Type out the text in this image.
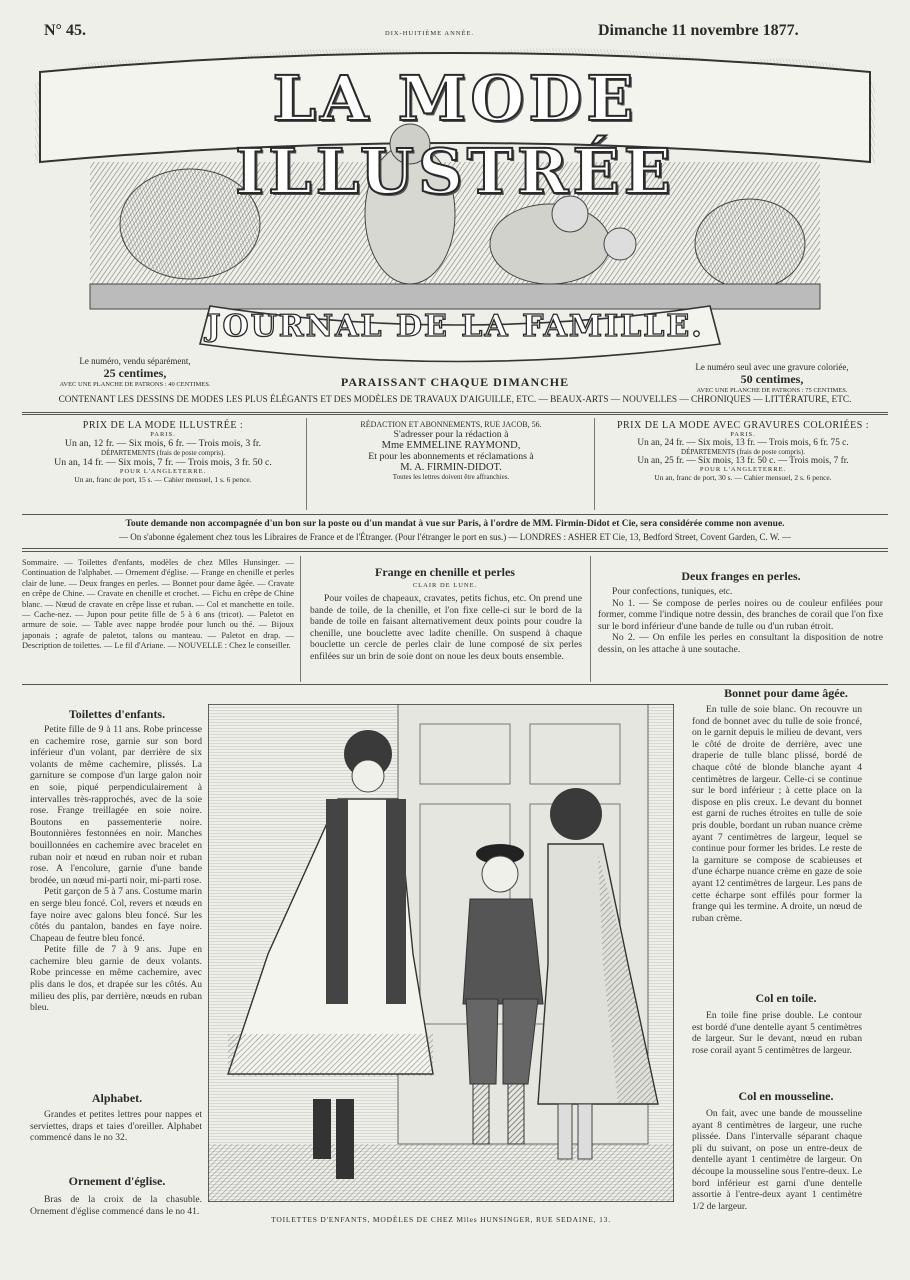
N° 45.	DIX-HUITIÈME ANNÉE.	Dimanche 11 novembre 1877.
LA MODE ILLUSTRÉE
JOURNAL DE LA FAMILLE.
Le numéro, vendu séparément,
25 centimes,
AVEC UNE PLANCHE DE PATRONS : 40 CENTIMES.
Le numéro seul avec une gravure coloriée,
50 centimes,
AVEC UNE PLANCHE DE PATRONS : 75 CENTIMES.
PARAISSANT CHAQUE DIMANCHE
CONTENANT LES DESSINS DE MODES LES PLUS ÉLÉGANTS ET DES MODÈLES DE TRAVAUX D'AIGUILLE, ETC. — BEAUX-ARTS — NOUVELLES — CHRONIQUES — LITTÉRATURE, ETC.
PRIX DE LA MODE ILLUSTRÉE :
PARIS.
Un an, 12 fr. — Six mois, 6 fr. — Trois mois, 3 fr.
DÉPARTEMENTS (frais de poste compris).
Un an, 14 fr. — Six mois, 7 fr. — Trois mois, 3 fr. 50 c.
POUR L'ANGLETERRE.
Un an, franc de port, 15 s. — Cahier mensuel, 1 s. 6 pence.
RÉDACTION ET ABONNEMENTS, RUE JACOB, 56.
S'adresser pour la rédaction à
Mme EMMELINE RAYMOND,
Et pour les abonnements et réclamations à
M. A. FIRMIN-DIDOT.
Toutes les lettres doivent être affranchies.
PRIX DE LA MODE AVEC GRAVURES COLORIÉES :
PARIS.
Un an, 24 fr. — Six mois, 13 fr. — Trois mois, 6 fr. 75 c.
DÉPARTEMENTS (frais de poste compris).
Un an, 25 fr. — Six mois, 13 fr. 50 c. — Trois mois, 7 fr.
POUR L'ANGLETERRE.
Un an, franc de port, 30 s. — Cahier mensuel, 2 s. 6 pence.
Toute demande non accompagnée d'un bon sur la poste ou d'un mandat à vue sur Paris, à l'ordre de MM. Firmin-Didot et Cie, sera considérée comme non avenue.
— On s'abonne également chez tous les Libraires de France et de l'Étranger. (Pour l'étranger le port en sus.) — LONDRES : ASHER ET Cie, 13, Bedford Street, Covent Garden, C. W. —
Sommaire. — Toilettes d'enfants, modèles de chez Mlles Hunsinger. — Continuation de l'alphabet. — Ornement d'église. — Frange en chenille et perles clair de lune. — Deux franges en perles. — Bonnet pour dame âgée. — Cravate en crêpe de Chine. — Cravate en chenille et crochet. — Fichu en crêpe de Chine blanc. — Nœud de cravate en crêpe lisse et ruban. — Col et manchette en toile. — Cache-nez. — Jupon pour petite fille de 5 à 6 ans (tricot). — Paletot en armure de soie. — Table avec nappe brodée pour lunch ou thé. — Bijoux japonais ; agrafe de paletot, talons ou manteau. — Paletot en drap. — Description de toilettes. — Le fil d'Ariane. — NOUVELLE : Chez le conseiller.
Frange en chenille et perles
CLAIR DE LUNE.

Pour voiles de chapeaux, cravates, petits fichus, etc. On prend une bande de toile, de la chenille, et l'on fixe celle-ci sur le bord de la bande de toile en faisant alternativement deux points pour coudre la chenille, une bouclette avec ladite chenille. On suspend à chaque bouclette un cercle de perles clair de lune composé de six perles enfilées sur un brin de soie dont on noue les deux bouts ensemble.

Deux franges en perles.

Pour confections, tuniques, etc.

No 1. — Se compose de perles noires ou de couleur enfilées pour former, comme l'indique notre dessin, des branches de corail que l'on fixe sur le bord inférieur d'une bande de tulle ou d'un ruban étroit.

No 2. — On enfile les perles en consultant la disposition de notre dessin, on les attache à une soutache.

Toilettes d'enfants.

Petite fille de 9 à 11 ans. Robe princesse en cachemire rose, garnie sur son bord inférieur d'un volant, par derrière de six volants de même cachemire, plissés. La garniture se compose d'un large galon noir en soie, piqué perpendiculairement à intervalles très-rapprochés, avec de la soie rose. Frange treillagée en soie noire. Boutons en passementerie noire. Boutonnières festonnées en noir. Manches bouillonnées en cachemire avec bracelet en ruban noir et nœud en ruban noir et ruban rose. A l'encolure, garnie d'une bande brodée, un nœud mi-parti noir, mi-parti rose.

Petit garçon de 5 à 7 ans. Costume marin en serge bleu foncé. Col, revers et nœuds en faye noire avec galons bleu foncé. Sur les côtés du pantalon, bandes en faye noire. Chapeau de feutre bleu foncé.

Petite fille de 7 à 9 ans. Jupe en cachemire bleu garnie de deux volants. Robe princesse en même cachemire, avec plis dans le dos, et drapée sur les côtés. Au milieu des plis, par derrière, nœuds en ruban bleu.

Alphabet.

Grandes et petites lettres pour nappes et serviettes, draps et taies d'oreiller. Alphabet commencé dans le no 32.

Ornement d'église.

Bras de la croix de la chasuble. Ornement d'église commencé dans le no 41.

TOILETTES D'ENFANTS, MODÈLES DE CHEZ Mlles HUNSINGER, RUE SEDAINE, 13.
Bonnet pour dame âgée.

En tulle de soie blanc. On recouvre un fond de bonnet avec du tulle de soie froncé, on le garnit depuis le milieu de devant, vers le côté de droite de derrière, avec une draperie de tulle blanc plissé, bordé de chaque côté de blonde blanche ayant 4 centimètres de largeur. Celle-ci se continue sur le bord inférieur ; à cette place on la dispose en plis creux. Le devant du bonnet est garni de ruches étroites en tulle de soie pris double, bordant un ruban nuance crème ayant 7 centimètres de largeur, lequel se continue pour former les brides. Le reste de la garniture se compose de scabieuses et d'une écharpe nuance crème en gaze de soie ayant 12 centimètres de largeur. Les pans de cette écharpe sont effilés pour former la frange qui les termine. A droite, un nœud de ruban crème.

Col en toile.

En toile fine prise double. Le contour est bordé d'une dentelle ayant 5 centimètres de largeur. Sur le devant, nœud en ruban rose corail ayant 5 centimètres de largeur.

Col en mousseline.

On fait, avec une bande de mousseline ayant 8 centimètres de largeur, une ruche plissée. Dans l'intervalle séparant chaque pli du suivant, on pose un entre-deux de dentelle ayant 1 centimètre de largeur. On découpe la mousseline sous l'entre-deux. Le bord inférieur est garni d'une dentelle assortie à l'entre-deux ayant 1 centimètre 1/2 de largeur.
